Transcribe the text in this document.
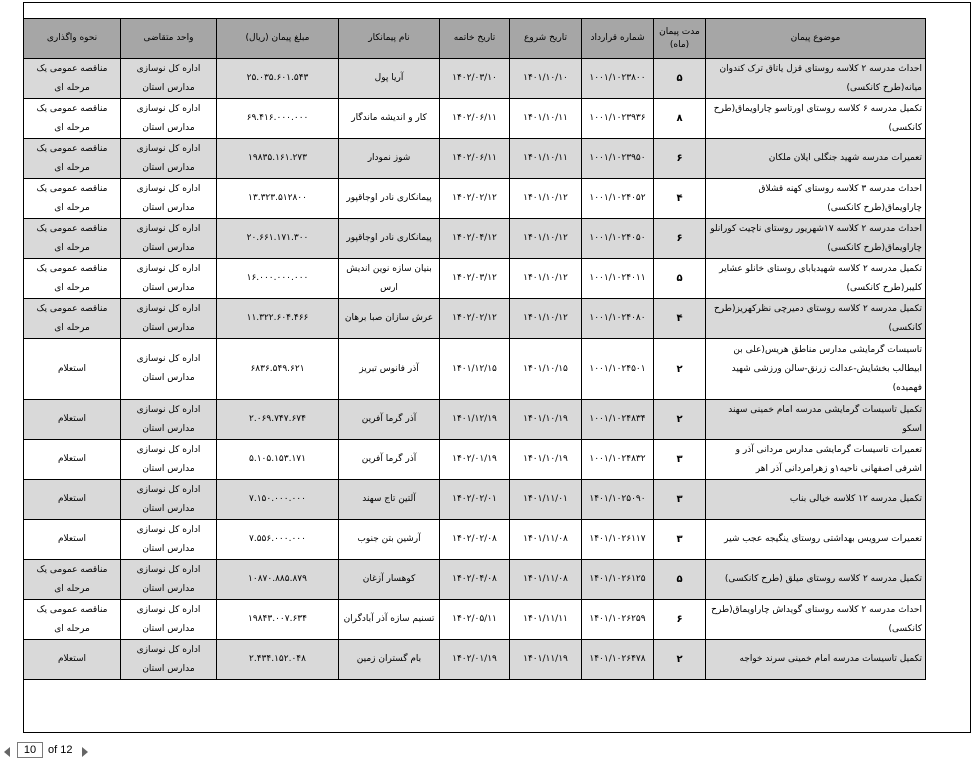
موضوع پیمان	مدت پیمان (ماه)	شماره قرارداد	تاریخ شروع	تاریخ خاتمه	نام پیمانکار	مبلغ پیمان (ریال)	واحد متقاضی	نحوه واگذاری
احداث مدرسه ۲ کلاسه روستای قزل یاتاق ترک کندوان میانه(طرح کانکسی)	۵	۱۰۰۱/۱۰۲۳۸۰۰	۱۴۰۱/۱۰/۱۰	۱۴۰۲/۰۳/۱۰	آریا پول	۲۵.۰۳۵.۶۰۱.۵۴۳	اداره کل نوسازی مدارس استان	مناقصه عمومی یک مرحله ای
تکمیل مدرسه ۶ کلاسه روستای اورتاسو چاراویماق(طرح کانکسی)	۸	۱۰۰۱/۱۰۲۳۹۳۶	۱۴۰۱/۱۰/۱۱	۱۴۰۲/۰۶/۱۱	کار و اندیشه ماندگار	۶۹.۴۱۶.۰۰۰.۰۰۰	اداره کل نوسازی مدارس استان	مناقصه عمومی یک مرحله ای
تعمیرات مدرسه شهید جنگلی ایلان ملکان	۶	۱۰۰۱/۱۰۲۳۹۵۰	۱۴۰۱/۱۰/۱۱	۱۴۰۲/۰۶/۱۱	شوز نمودار	۱۹۸۳۵.۱۶۱.۲۷۳	اداره کل نوسازی مدارس استان	مناقصه عمومی یک مرحله ای
احداث مدرسه ۳ کلاسه روستای کهنه قشلاق چاراویماق(طرح کانکسی)	۴	۱۰۰۱/۱۰۲۴۰۵۲	۱۴۰۱/۱۰/۱۲	۱۴۰۲/۰۲/۱۲	پیمانکاری نادر اوجاقپور	۱۳.۳۲۳.۵۱۲۸۰۰	اداره کل نوسازی مدارس استان	مناقصه عمومی یک مرحله ای
احداث مدرسه ۲ کلاسه ۱۷شهریور روستای ناچیت کورانلو چاراویماق(طرح کانکسی)	۶	۱۰۰۱/۱۰۲۴۰۵۰	۱۴۰۱/۱۰/۱۲	۱۴۰۲/۰۴/۱۲	پیمانکاری نادر اوجاقپور	۲۰.۶۶۱.۱۷۱.۳۰۰	اداره کل نوسازی مدارس استان	مناقصه عمومی یک مرحله ای
تکمیل مدرسه ۲ کلاسه شهیدبابای روستای خانلو عشایر کلیبر(طرح کانکسی)	۵	۱۰۰۱/۱۰۲۴۰۱۱	۱۴۰۱/۱۰/۱۲	۱۴۰۲/۰۳/۱۲	بنیان سازه نوین اندیش ارس	۱۶.۰۰۰.۰۰۰.۰۰۰	اداره کل نوسازی مدارس استان	مناقصه عمومی یک مرحله ای
تکمیل مدرسه ۲ کلاسه روستای دمیرچی نظرکهریز(طرح کانکسی)	۴	۱۰۰۱/۱۰۲۴۰۸۰	۱۴۰۱/۱۰/۱۲	۱۴۰۲/۰۲/۱۲	عرش سازان صبا برهان	۱۱.۳۲۲.۶۰۴.۴۶۶	اداره کل نوسازی مدارس استان	مناقصه عمومی یک مرحله ای
تاسیسات گرمایشی مدارس مناطق هریس(علی بن ابیطالب بخشایش-عدالت زرنق-سالن ورزشی شهید فهمیده)	۲	۱۰۰۱/۱۰۲۴۵۰۱	۱۴۰۱/۱۰/۱۵	۱۴۰۱/۱۲/۱۵	آذر فانوس تبریز	۶۸۳۶.۵۴۹.۶۲۱	اداره کل نوسازی مدارس استان	استعلام
تکمیل تاسیسات گرمایشی مدرسه امام خمینی سهند اسکو	۲	۱۰۰۱/۱۰۲۴۸۳۴	۱۴۰۱/۱۰/۱۹	۱۴۰۱/۱۲/۱۹	آذر گرما آفرین	۲.۰۶۹.۷۴۷.۶۷۴	اداره کل نوسازی مدارس استان	استعلام
تعمیرات تاسیسات گرمایشی مدارس مردانی آذر و اشرفی اصفهانی ناحیه۱و زهرامردانی آذر اهر	۳	۱۰۰۱/۱۰۲۴۸۳۲	۱۴۰۱/۱۰/۱۹	۱۴۰۲/۰۱/۱۹	آذر گرما آفرین	۵.۱۰۵.۱۵۳.۱۷۱	اداره کل نوسازی مدارس استان	استعلام
تکمیل مدرسه ۱۲ کلاسه خیالی بناب	۳	۱۴۰۱/۱۰۲۵۰۹۰	۱۴۰۱/۱۱/۰۱	۱۴۰۲/۰۲/۰۱	آلتین تاج سهند	۷.۱۵۰.۰۰۰.۰۰۰	اداره کل نوسازی مدارس استان	استعلام
تعمیرات سرویس بهداشتی روستای ینگیجه عجب شیر	۳	۱۴۰۱/۱۰۲۶۱۱۷	۱۴۰۱/۱۱/۰۸	۱۴۰۲/۰۲/۰۸	آرشین بتن جنوب	۷.۵۵۶.۰۰۰.۰۰۰	اداره کل نوسازی مدارس استان	استعلام
تکمیل مدرسه ۲ کلاسه روستای میلق (طرح کانکسی)	۵	۱۴۰۱/۱۰۲۶۱۲۵	۱۴۰۱/۱۱/۰۸	۱۴۰۲/۰۴/۰۸	کوهسار آزغان	۱۰۸۷۰.۸۸۵.۸۷۹	اداره کل نوسازی مدارس استان	مناقصه عمومی یک مرحله ای
احداث مدرسه ۲ کلاسه روستای گویداش چاراویماق(طرح کانکسی)	۶	۱۴۰۱/۱۰۲۶۲۵۹	۱۴۰۱/۱۱/۱۱	۱۴۰۲/۰۵/۱۱	تسنیم سازه آذر آبادگران	۱۹۸۴۳.۰۰۷.۶۳۴	اداره کل نوسازی مدارس استان	مناقصه عمومی یک مرحله ای
تکمیل تاسیسات مدرسه امام خمینی سرند خواجه	۲	۱۴۰۱/۱۰۲۶۴۷۸	۱۴۰۱/۱۱/۱۹	۱۴۰۲/۰۱/۱۹	بام گستران زمین	۲.۴۳۴.۱۵۲.۰۴۸	اداره کل نوسازی مدارس استان	استعلام
10
of 12
